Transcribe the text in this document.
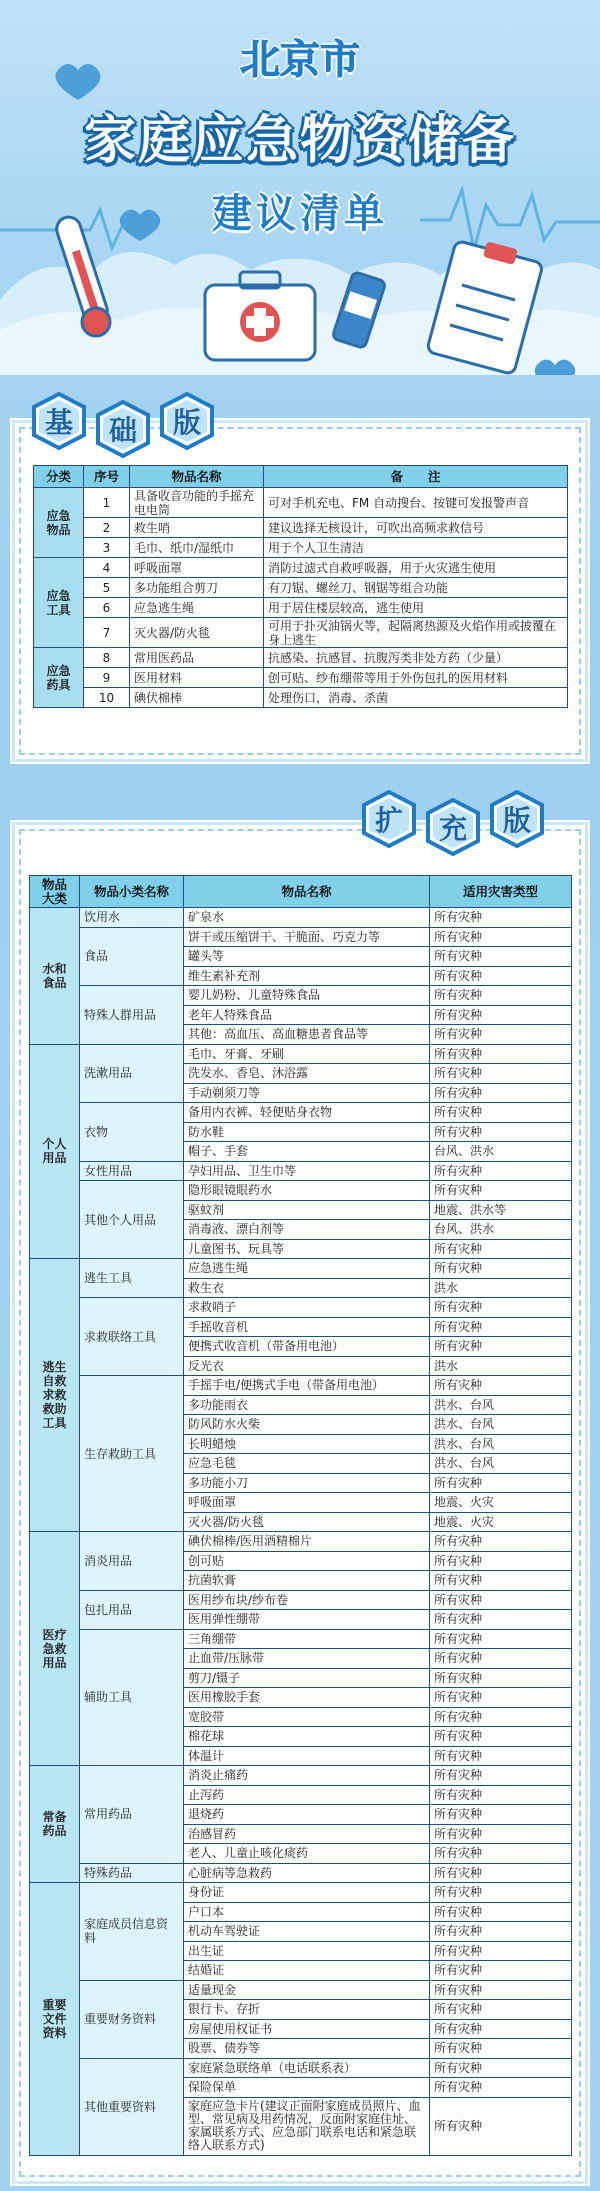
北京市
家庭应急物资储备
建议清单
分类	序号	物品名称	备　　注
应急
物品	1	具备收音功能的手摇充电电筒	可对手机充电、FM 自动搜台、按键可发报警声音
	2	救生哨	建议选择无核设计，可吹出高频求救信号
	3	毛巾、纸巾/湿纸巾	用于个人卫生清洁
应急
工具	4	呼吸面罩	消防过滤式自救呼吸器，用于火灾逃生使用
	5	多功能组合剪刀	有刀锯、螺丝刀、钢锯等组合功能
	6	应急逃生绳	用于居住楼层较高，逃生使用
	7	灭火器/防火毯	可用于扑灭油锅火等，起隔离热源及火焰作用或披覆在身上逃生
应急
药具	8	常用医药品	抗感染、抗感冒、抗腹泻类非处方药（少量）
	9	医用材料	创可贴、纱布绷带等用于外伤包扎的医用材料
	10	碘伏棉棒	处理伤口，消毒、杀菌
基 础 版
物品
大类	物品小类名称	物品名称	适用灾害类型
水和
食品	饮用水	矿泉水	所有灾种
	食品	饼干或压缩饼干、干脆面、巧克力等	所有灾种
		罐头等	所有灾种
		维生素补充剂	所有灾种
	特殊人群用品	婴儿奶粉、儿童特殊食品	所有灾种
		老年人特殊食品	所有灾种
		其他：高血压、高血糖患者食品等	所有灾种
个人
用品	洗漱用品	毛巾、牙膏、牙刷	所有灾种
		洗发水、香皂、沐浴露	所有灾种
		手动剃须刀等	所有灾种
	衣物	备用内衣裤、轻便贴身衣物	所有灾种
		防水鞋	所有灾种
		帽子、手套	台风、洪水
	女性用品	孕妇用品、卫生巾等	所有灾种
	其他个人用品	隐形眼镜眼药水	所有灾种
		驱蚊剂	地震、洪水等
		消毒液、漂白剂等	台风、洪水
		儿童图书、玩具等	所有灾种
逃生
自救
求救
救助
工具	逃生工具	应急逃生绳	所有灾种
		救生衣	洪水
	求救联络工具	求救哨子	所有灾种
		手摇收音机	所有灾种
		便携式收音机（带备用电池）	所有灾种
		反光衣	洪水
	生存救助工具	手摇手电/便携式手电（带备用电池）	所有灾种
		多功能雨衣	洪水、台风
		防风防水火柴	洪水、台风
		长明蜡烛	洪水、台风
		应急毛毯	洪水、台风
		多功能小刀	所有灾种
		呼吸面罩	地震、火灾
		灭火器/防火毯	地震、火灾
医疗
急救
用品	消炎用品	碘伏棉棒/医用酒精棉片	所有灾种
		创可贴	所有灾种
		抗菌软膏	所有灾种
	包扎用品	医用纱布块/纱布卷	所有灾种
		医用弹性绷带	所有灾种
	辅助工具	三角绷带	所有灾种
		止血带/压脉带	所有灾种
		剪刀/镊子	所有灾种
		医用橡胶手套	所有灾种
		宽胶带	所有灾种
		棉花球	所有灾种
		体温计	所有灾种
常备
药品	常用药品	消炎止痛药	所有灾种
		止泻药	所有灾种
		退烧药	所有灾种
		治感冒药	所有灾种
		老人、儿童止咳化痰药	所有灾种
	特殊药品	心脏病等急救药	所有灾种
重要
文件
资料	家庭成员信息资料	身份证	所有灾种
		户口本	所有灾种
		机动车驾驶证	所有灾种
		出生证	所有灾种
		结婚证	所有灾种
	重要财务资料	适量现金	所有灾种
		银行卡、存折	所有灾种
		房屋使用权证书	所有灾种
		股票、债券等	所有灾种
	其他重要资料	家庭紧急联络单（电话联系表）	所有灾种
		保险保单	所有灾种
		家庭应急卡片(建议正面附家庭成员照片、血型、常见病及用药情况，反面附家庭住址、家属联系方式、应急部门联系电话和紧急联络人联系方式)	所有灾种
扩 充 版
